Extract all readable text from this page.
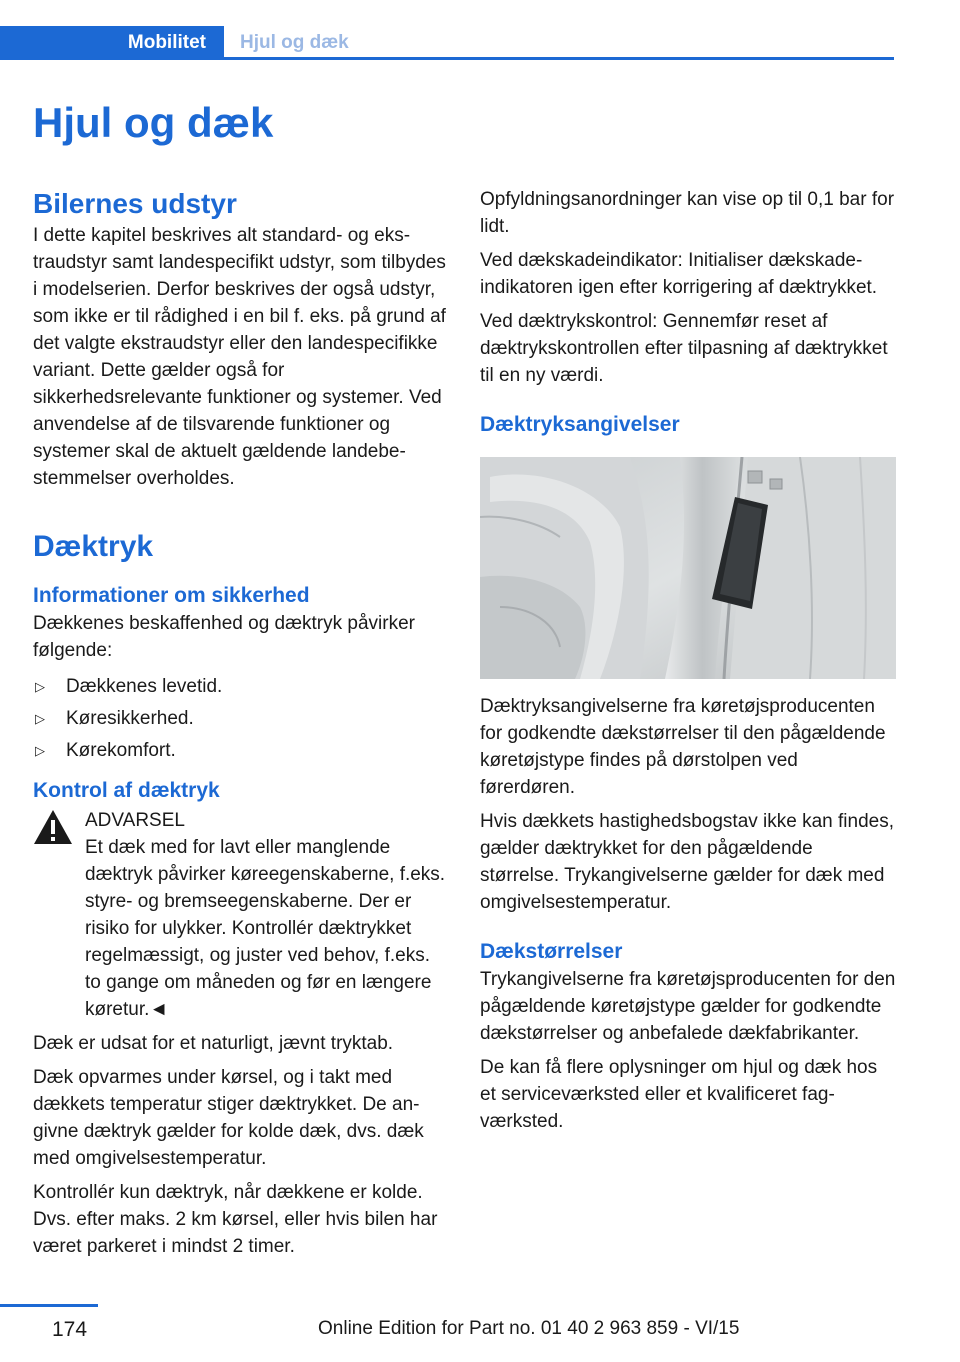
Mobilitet	Hjul og dæk
Hjul og dæk
Bilernes udstyr

I dette kapitel beskrives alt standard- og ekstraudstyr samt landespecifikt udstyr, som tilbydes i modelserien. Derfor beskrives der også udstyr, som ikke er til rådighed i en bil f. eks. på grund af det valgte ekstraudstyr eller den landespecifikke variant. Dette gælder også for sikkerhedsrelevante funktioner og systemer. Ved anvendelse af de tilsvarende funktioner og systemer skal de aktuelt gældende landebestemmelser overholdes.

Dæktryk
Informationer om sikkerhed

Dækkenes beskaffenhed og dæktryk påvirker følgende:

▷ Dækkenes levetid.
▷ Køresikkerhed.
▷ Kørekomfort.
Kontrol af dæktryk
ADVARSEL
Et dæk med for lavt eller manglende

dæktryk påvirker køreegenskaberne, f.eks. styre- og bremseegenskaberne. Der er risiko for ulykker. Kontrollér dæktrykket regelmæssigt, og juster ved behov, f.eks. to gange om måneden og før en længere køretur.◄

Dæk er udsat for et naturligt, jævnt tryktab.

Dæk opvarmes under kørsel, og i takt med dækkets temperatur stiger dæktrykket. De angivne dæktryk gælder for kolde dæk, dvs. dæk med omgivelsestemperatur.

Kontrollér kun dæktryk, når dækkene er kolde. Dvs. efter maks. 2 km kørsel, eller hvis bilen har været parkeret i mindst 2 timer.

Opfyldningsanordninger kan vise op til 0,1 bar for lidt.

Ved dækskadeindikator: Initialiser dækskadeindikatoren igen efter korrigering af dæktrykket.

Ved dæktrykskontrol: Gennemfør reset af dæktrykskontrollen efter tilpasning af dæktrykket til en ny værdi.

Dæktryksangivelser

Dæktryksangivelserne fra køretøjsproducenten for godkendte dækstørrelser til den pågældende køretøjstype findes på dørstolpen ved førerdøren.

Hvis dækkets hastighedsbogstav ikke kan findes, gælder dæktrykket for den pågældende størrelse. Trykangivelserne gælder for dæk med omgivelsestemperatur.

Dækstørrelser

Trykangivelserne fra køretøjsproducenten for den pågældende køretøjstype gælder for godkendte dækstørrelser og anbefalede dækfabrikanter.

De kan få flere oplysninger om hjul og dæk hos et serviceværksted eller et kvalificeret fagværksted.

174	Online Edition for Part no. 01 40 2 963 859 - VI/15
